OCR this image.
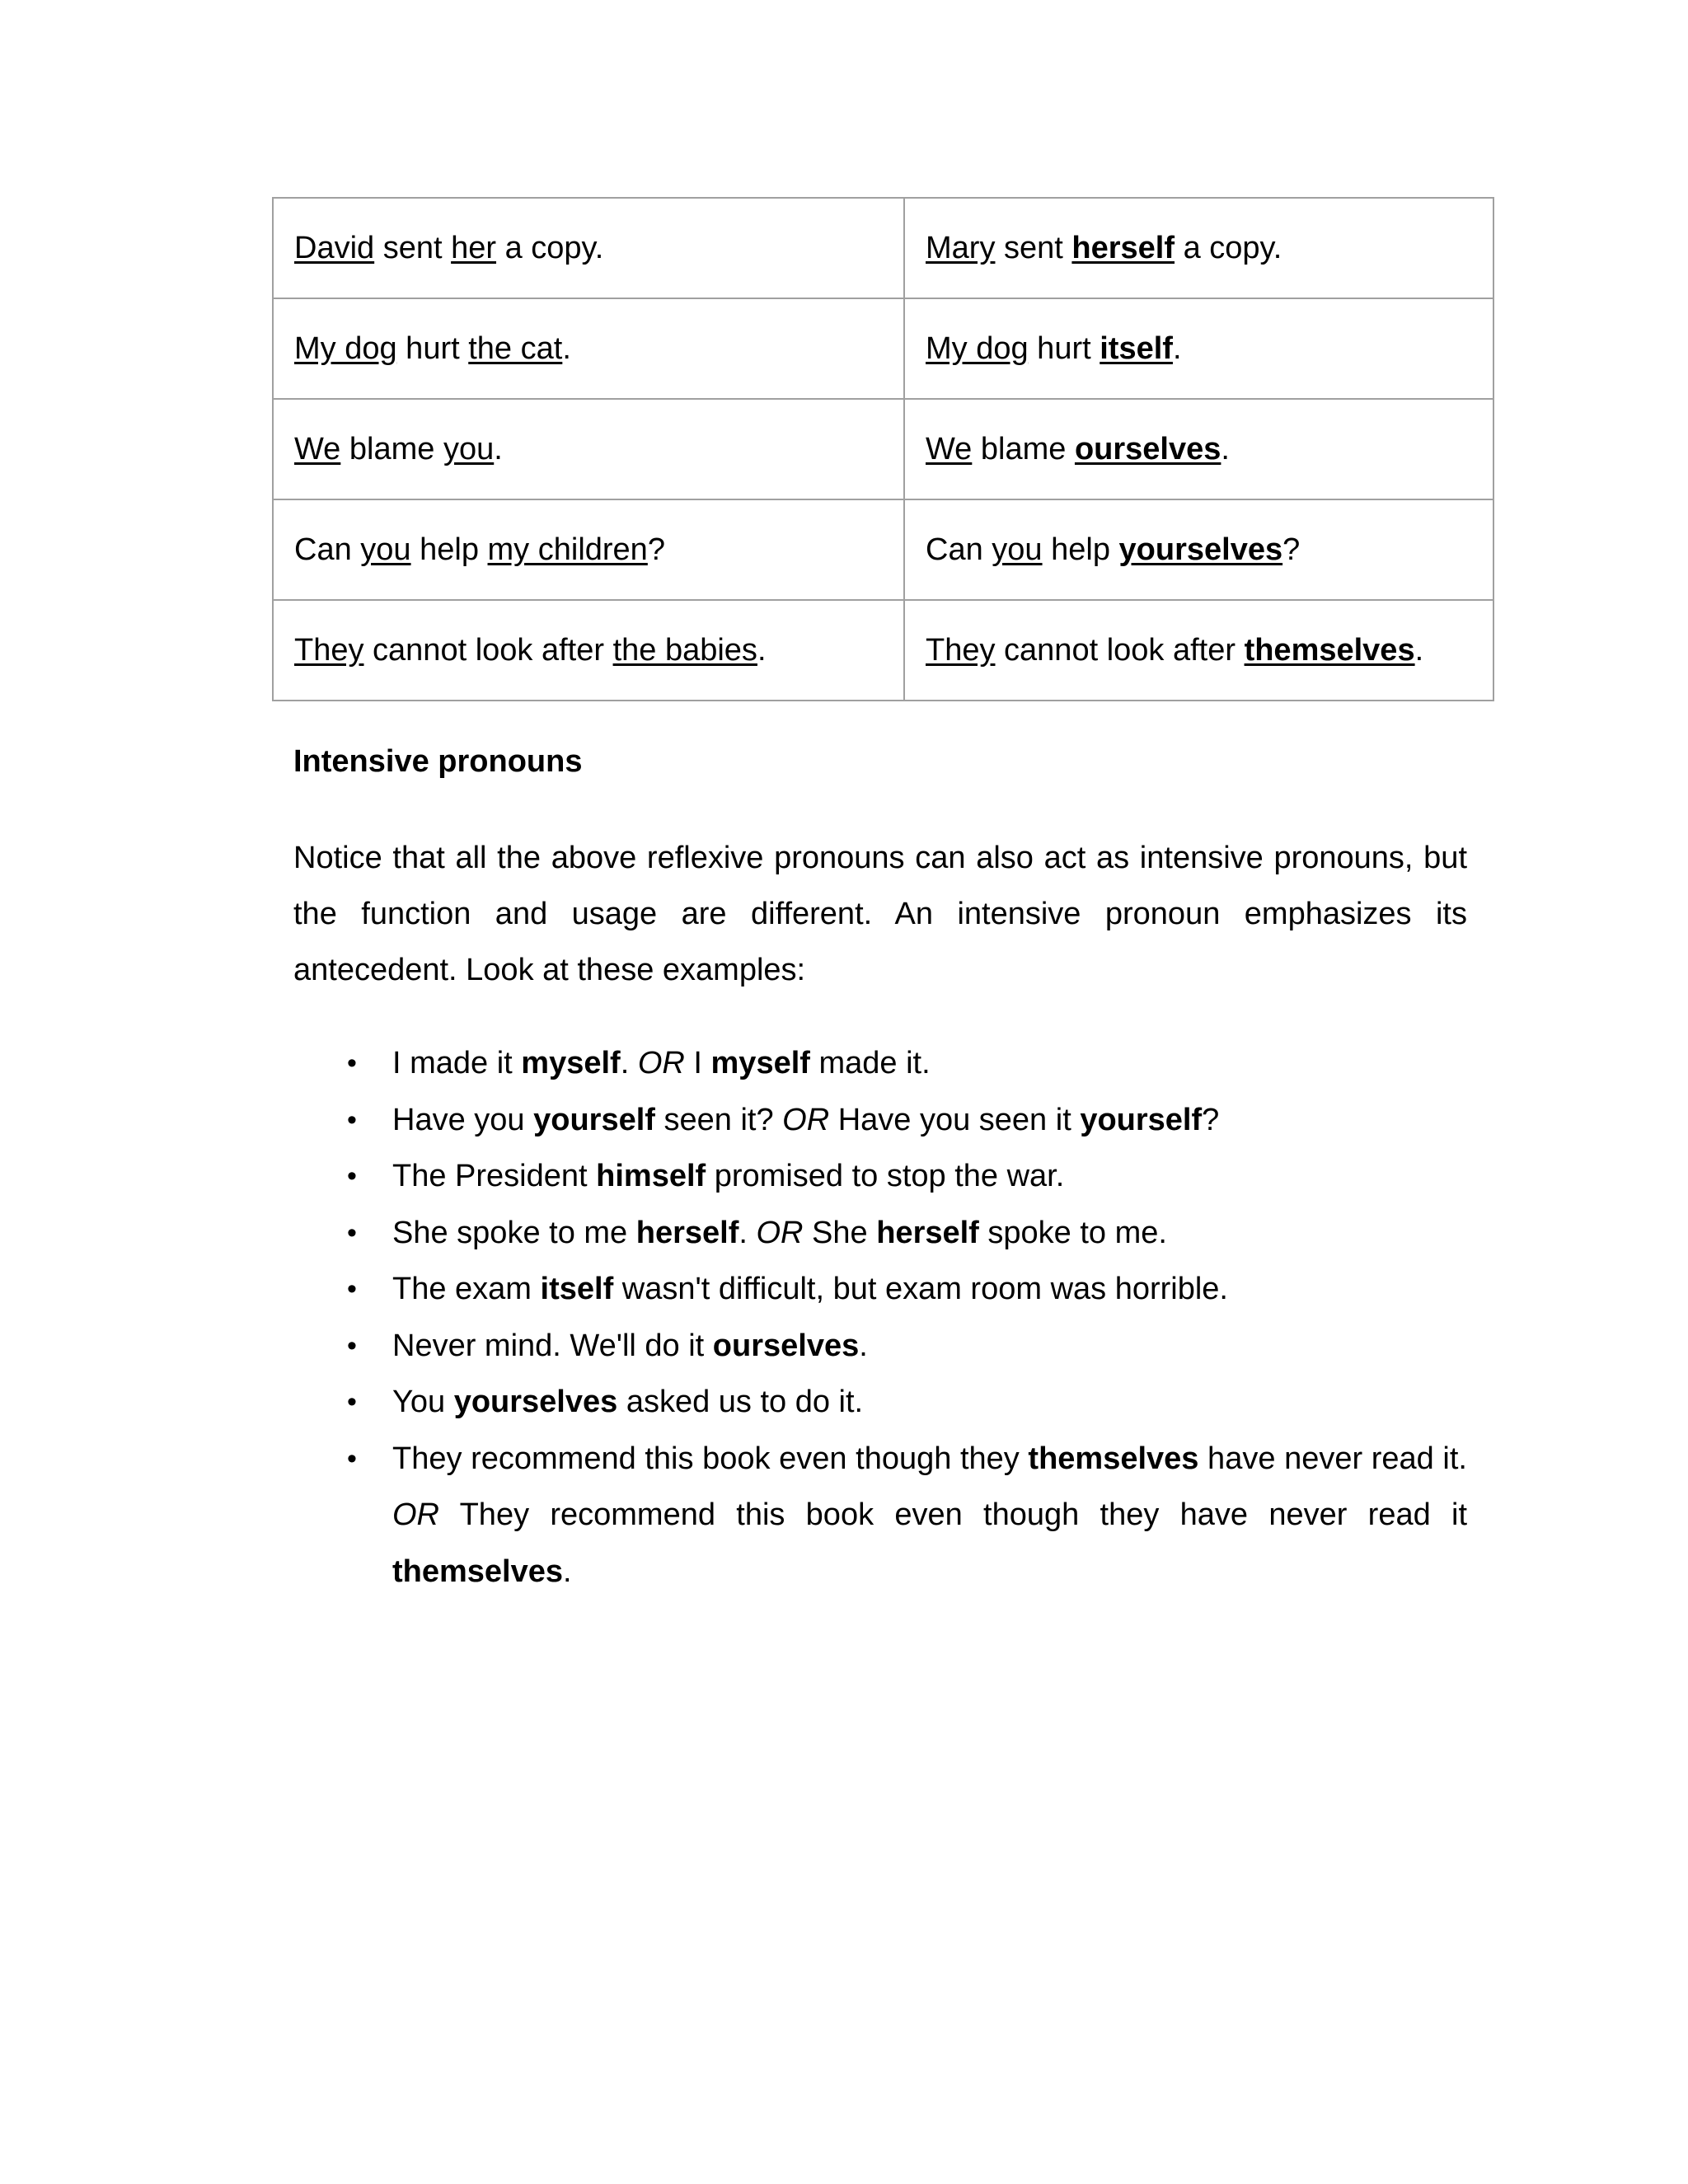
David sent her a copy.	Mary sent herself a copy.
My dog hurt the cat.	My dog hurt itself.
We blame you.	We blame ourselves.
Can you help my children?	Can you help yourselves?
They cannot look after the babies.	They cannot look after themselves.

Intensive pronouns

Notice that all the above reflexive pronouns can also act as intensive pronouns, but the function and usage are different. An intensive pronoun emphasizes its antecedent. Look at these examples:

• I made it myself. OR I myself made it.
• Have you yourself seen it? OR Have you seen it yourself?
• The President himself promised to stop the war.
• She spoke to me herself. OR She herself spoke to me.
• The exam itself wasn't difficult, but exam room was horrible.
• Never mind. We'll do it ourselves.
• You yourselves asked us to do it.
• They recommend this book even though they themselves have never read it. OR They recommend this book even though they have never read it themselves.
